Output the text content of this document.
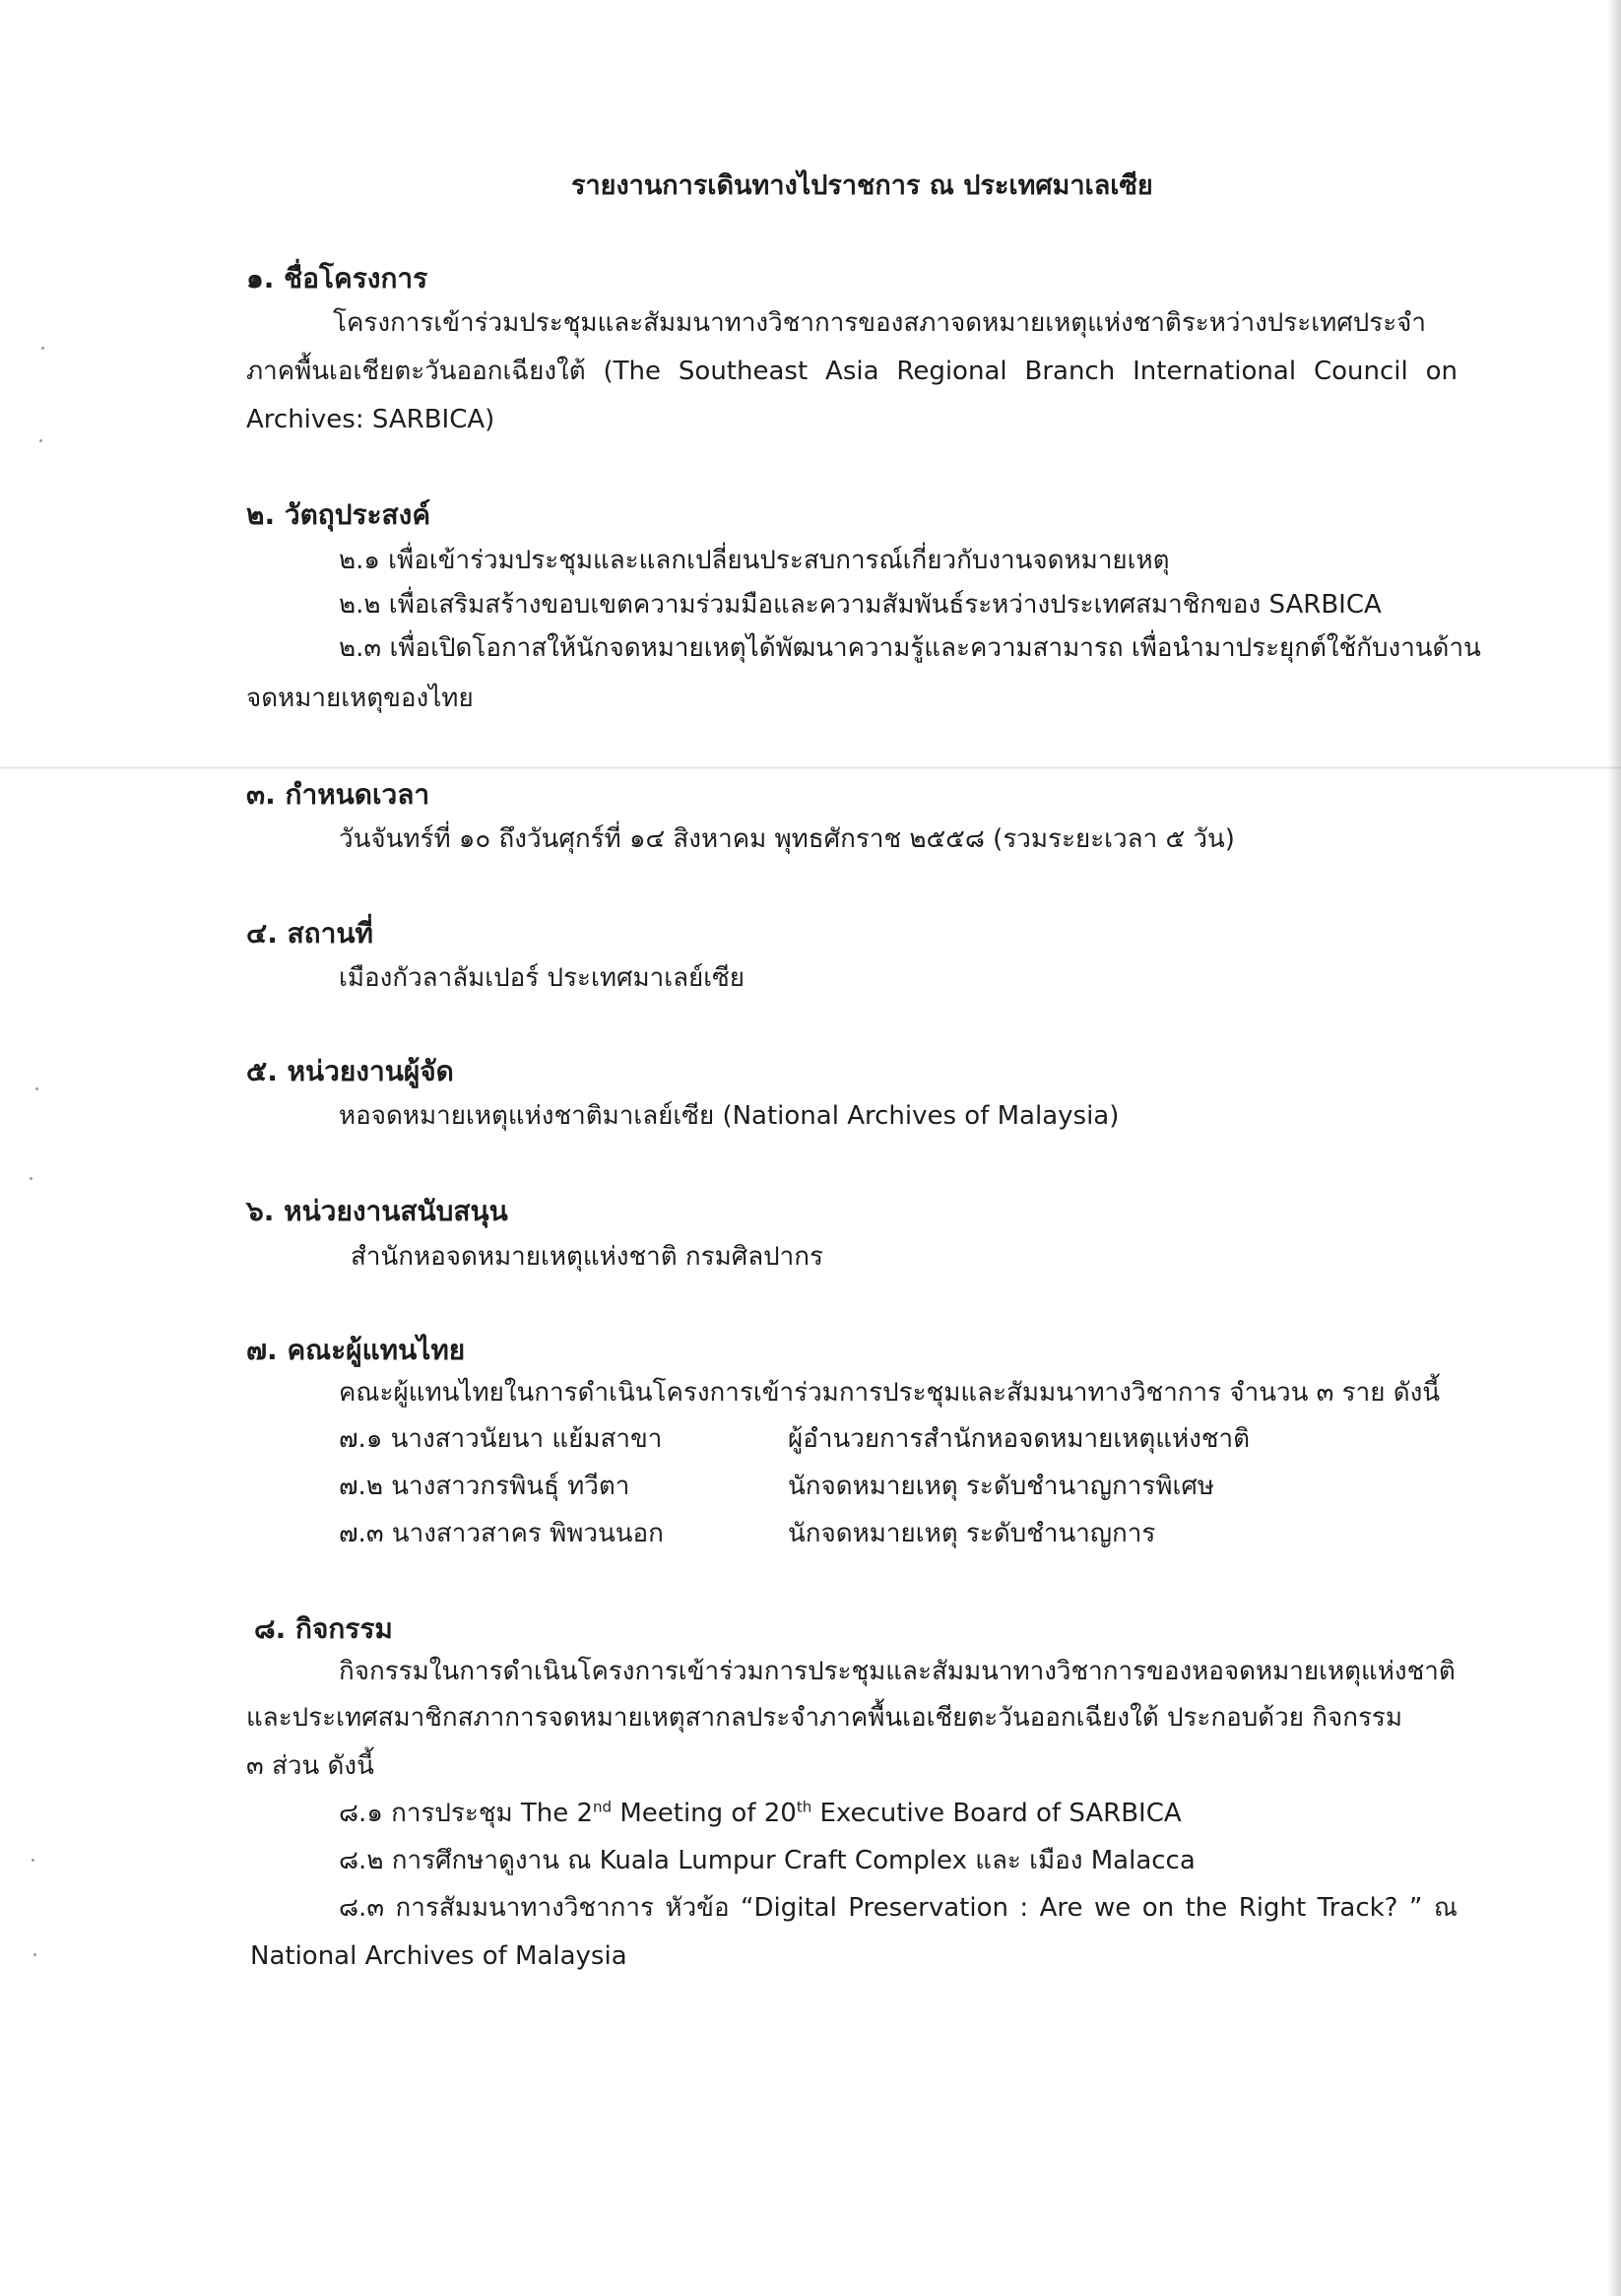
รายงานการเดินทางไปราชการ ณ ประเทศมาเลเซีย
๑. ชื่อโครงการ
โครงการเข้าร่วมประชุมและสัมมนาทางวิชาการของสภาจดหมายเหตุแห่งชาติระหว่างประเทศประจำ
ภาคพื้นเอเชียตะวันออกเฉียงใต้ (The Southeast Asia Regional Branch International Council on
Archives: SARBICA)
๒. วัตถุประสงค์
๒.๑ เพื่อเข้าร่วมประชุมและแลกเปลี่ยนประสบการณ์เกี่ยวกับงานจดหมายเหตุ
๒.๒ เพื่อเสริมสร้างขอบเขตความร่วมมือและความสัมพันธ์ระหว่างประเทศสมาชิกของ SARBICA
๒.๓ เพื่อเปิดโอกาสให้นักจดหมายเหตุได้พัฒนาความรู้และความสามารถ เพื่อนำมาประยุกต์ใช้กับงานด้าน
จดหมายเหตุของไทย
๓. กำหนดเวลา
วันจันทร์ที่ ๑๐ ถึงวันศุกร์ที่ ๑๔ สิงหาคม พุทธศักราช ๒๕๕๘ (รวมระยะเวลา ๕ วัน)
๔. สถานที่
เมืองกัวลาลัมเปอร์ ประเทศมาเลย์เซีย
๕. หน่วยงานผู้จัด
หอจดหมายเหตุแห่งชาติมาเลย์เซีย (National Archives of Malaysia)
๖. หน่วยงานสนับสนุน
สำนักหอจดหมายเหตุแห่งชาติ กรมศิลปากร
๗. คณะผู้แทนไทย
คณะผู้แทนไทยในการดำเนินโครงการเข้าร่วมการประชุมและสัมมนาทางวิชาการ จำนวน ๓ ราย ดังนี้
๗.๑ นางสาวนัยนา แย้มสาขา	ผู้อำนวยการสำนักหอจดหมายเหตุแห่งชาติ
๗.๒ นางสาวกรพินธุ์ ทวีตา	นักจดหมายเหตุ ระดับชำนาญการพิเศษ
๗.๓ นางสาวสาคร พิพวนนอก	นักจดหมายเหตุ ระดับชำนาญการ
๘. กิจกรรม
กิจกรรมในการดำเนินโครงการเข้าร่วมการประชุมและสัมมนาทางวิชาการของหอจดหมายเหตุแห่งชาติ
และประเทศสมาชิกสภาการจดหมายเหตุสากลประจำภาคพื้นเอเชียตะวันออกเฉียงใต้ ประกอบด้วย กิจกรรม
๓ ส่วน ดังนี้
๘.๑ การประชุม The 2nd Meeting of 20th Executive Board of SARBICA
๘.๒ การศึกษาดูงาน ณ Kuala Lumpur Craft Complex และ เมือง Malacca
๘.๓ การสัมมนาทางวิชาการ หัวข้อ “Digital Preservation : Are we on the Right Track? ” ณ
National Archives of Malaysia
